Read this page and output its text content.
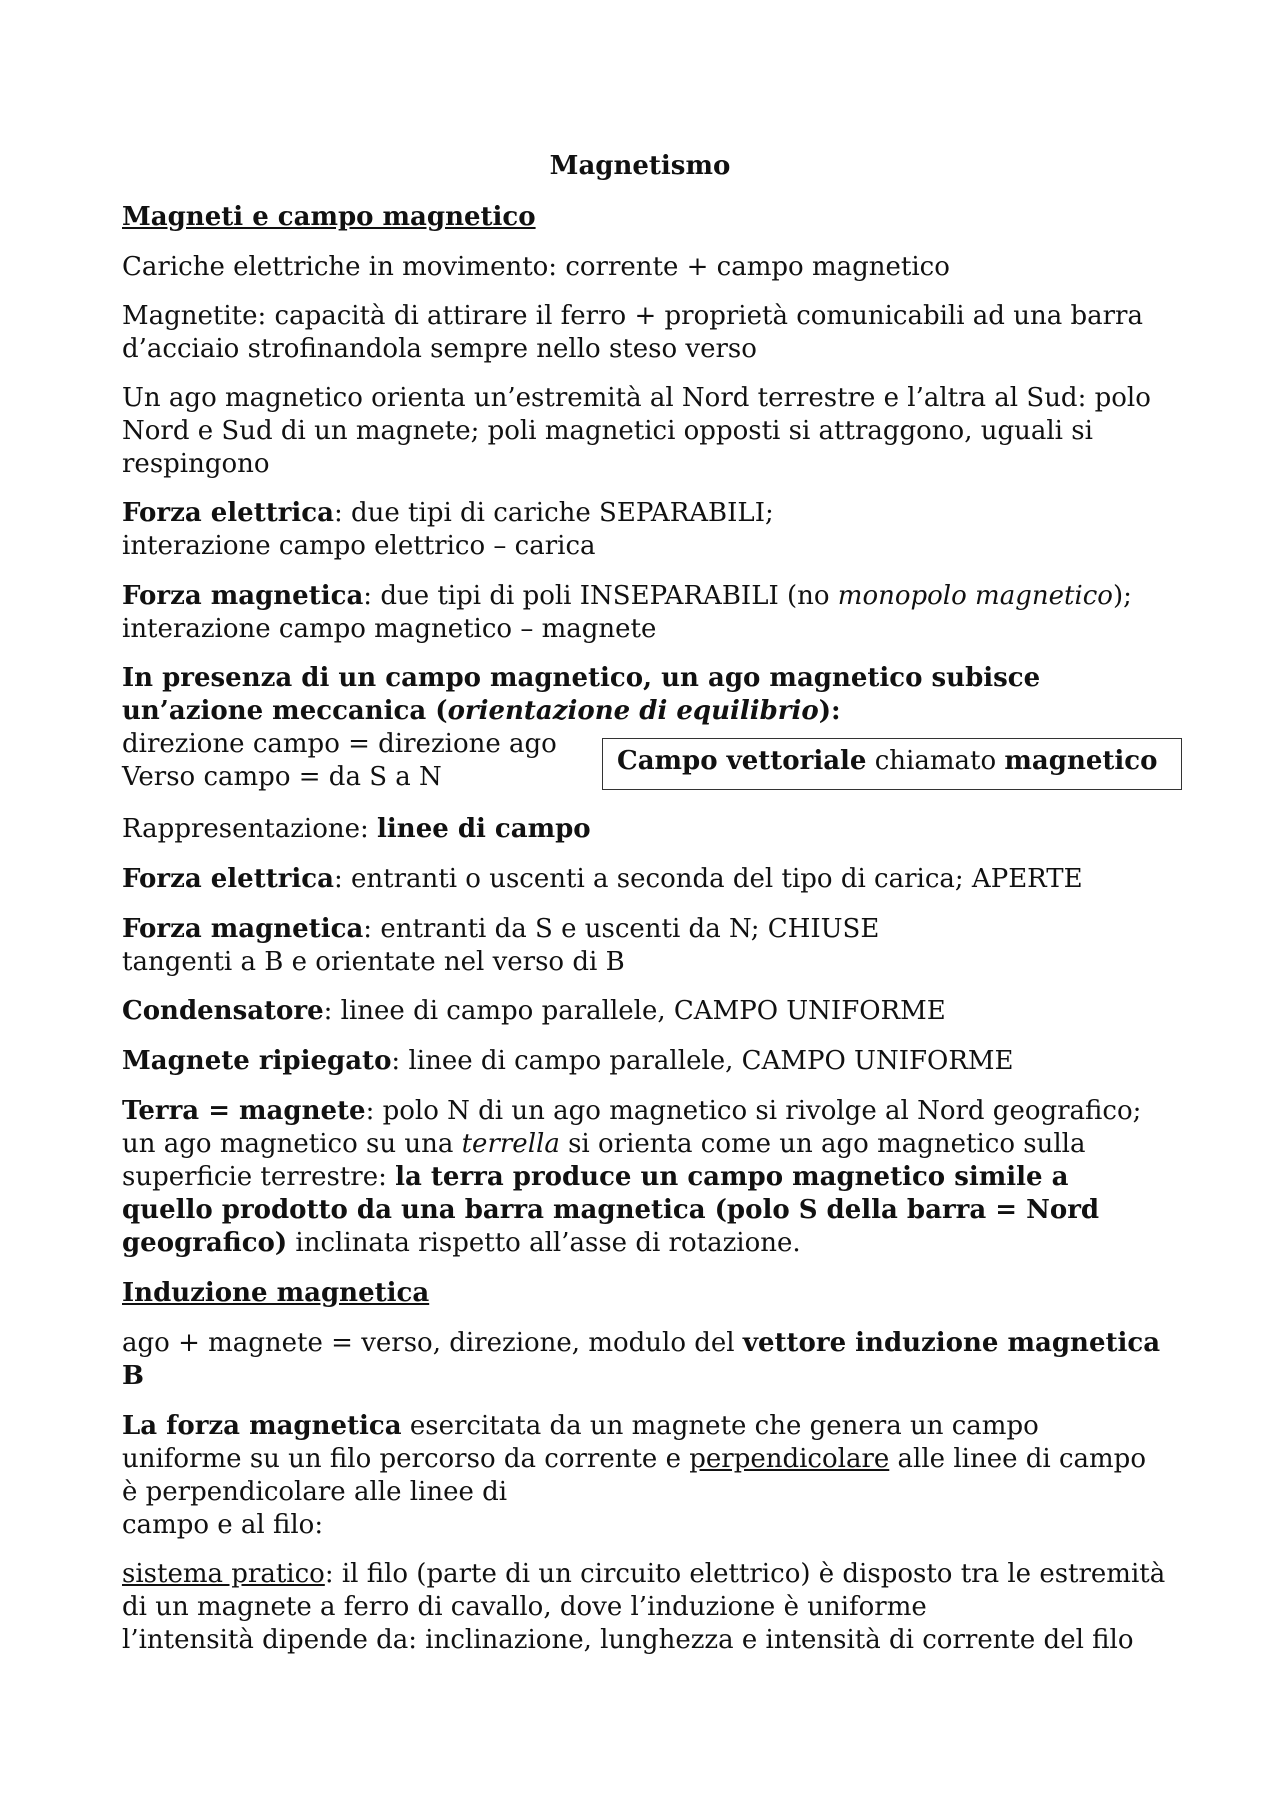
Magnetismo
Magneti e campo magnetico

Cariche elettriche in movimento: corrente + campo magnetico

Magnetite: capacità di attirare il ferro + proprietà comunicabili ad una barra
d’acciaio strofinandola sempre nello steso verso

Un ago magnetico orienta un’estremità al Nord terrestre e l’altra al Sud: polo
Nord e Sud di un magnete; poli magnetici opposti si attraggono, uguali si
respingono

Forza elettrica: due tipi di cariche SEPARABILI;
interazione campo elettrico – carica

Forza magnetica: due tipi di poli INSEPARABILI (no monopolo magnetico);
interazione campo magnetico – magnete

In presenza di un campo magnetico, un ago magnetico subisce
un’azione meccanica (orientazione di equilibrio):
direzione campo = direzione ago
Verso campo = da S a N

Campo vettoriale chiamato magnetico

Rappresentazione: linee di campo

Forza elettrica: entranti o uscenti a seconda del tipo di carica; APERTE

Forza magnetica: entranti da S e uscenti da N; CHIUSE
tangenti a B e orientate nel verso di B

Condensatore: linee di campo parallele, CAMPO UNIFORME

Magnete ripiegato: linee di campo parallele, CAMPO UNIFORME

Terra = magnete: polo N di un ago magnetico si rivolge al Nord geografico;
un ago magnetico su una terrella si orienta come un ago magnetico sulla
superficie terrestre: la terra produce un campo magnetico simile a
quello prodotto da una barra magnetica (polo S della barra = Nord
geografico) inclinata rispetto all’asse di rotazione.

Induzione magnetica

ago + magnete = verso, direzione, modulo del vettore induzione magnetica
B

La forza magnetica esercitata da un magnete che genera un campo
uniforme su un filo percorso da corrente e perpendicolare alle linee di campo
è perpendicolare alle linee di
campo e al filo:

sistema pratico: il filo (parte di un circuito elettrico) è disposto tra le estremità
di un magnete a ferro di cavallo, dove l’induzione è uniforme
l’intensità dipende da: inclinazione, lunghezza e intensità di corrente del filo
